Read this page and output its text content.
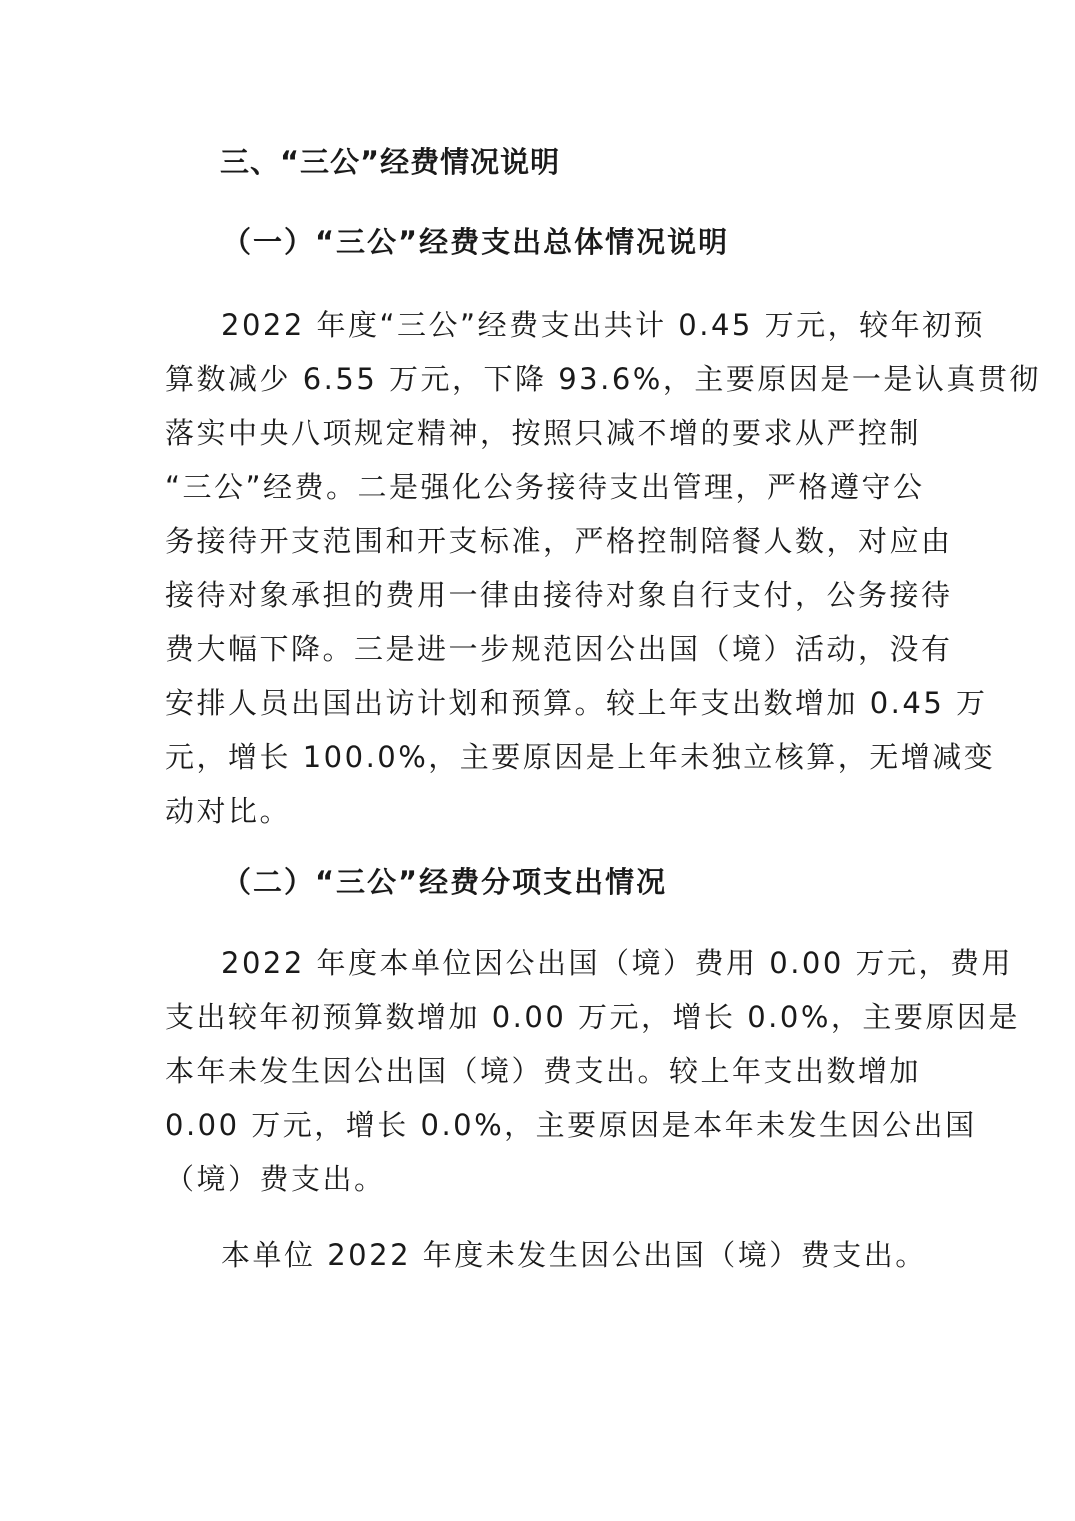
三、“三公”经费情况说明
（一）“三公”经费支出总体情况说明
2022 年度“三公”经费支出共计 0.45 万元，较年初预
算数减少 6.55 万元，下降 93.6%，主要原因是一是认真贯彻
落实中央八项规定精神，按照只减不增的要求从严控制
“三公”经费。二是强化公务接待支出管理，严格遵守公
务接待开支范围和开支标准，严格控制陪餐人数，对应由
接待对象承担的费用一律由接待对象自行支付，公务接待
费大幅下降。三是进一步规范因公出国（境）活动，没有
安排人员出国出访计划和预算。较上年支出数增加 0.45 万
元，增长 100.0%，主要原因是上年未独立核算，无增减变
动对比。
（二）“三公”经费分项支出情况
2022 年度本单位因公出国（境）费用 0.00 万元，费用
支出较年初预算数增加 0.00 万元，增长 0.0%，主要原因是
本年未发生因公出国（境）费支出。较上年支出数增加
0.00 万元，增长 0.0%，主要原因是本年未发生因公出国
（境）费支出。
本单位 2022 年度未发生因公出国（境）费支出。
